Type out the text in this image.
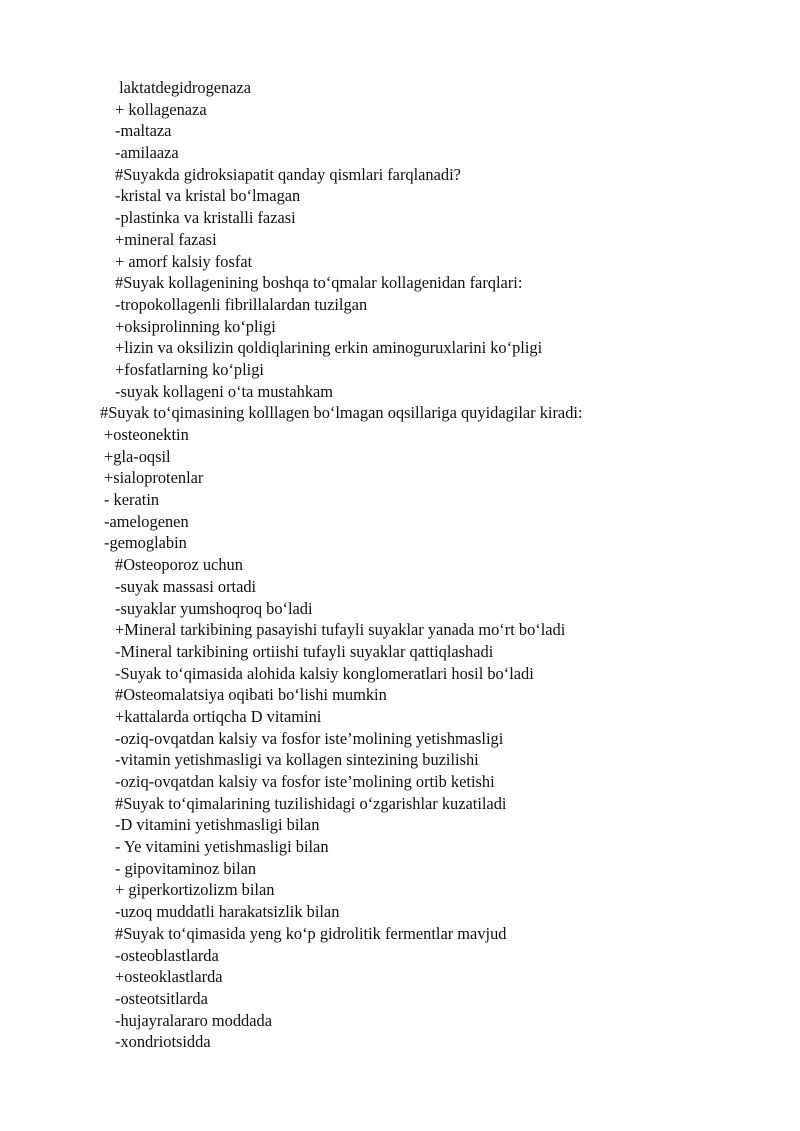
laktatdegidrogenaza
+ kollagenaza
-maltaza
-amilaaza
#Suyakda gidroksiapatit qanday qismlari farqlanadi?
-kristal va kristal bo‘lmagan
-plastinka va kristalli fazasi
+mineral fazasi
+ amorf kalsiy fosfat
#Suyak kollagenining boshqa to‘qmalar kollagenidan farqlari:
-tropokollagenli fibrillalardan tuzilgan
+oksiprolinning ko‘pligi
+lizin va oksilizin qoldiqlarining erkin aminoguruxlarini ko‘pligi
+fosfatlarning ko‘pligi
-suyak kollageni o‘ta mustahkam
#Suyak to‘qimasining kolllagen bo‘lmagan oqsillariga quyidagilar kiradi:
+osteonektin
+gla-oqsil
+sialoprotenlar
- keratin
-amelogenen
-gemoglabin
#Osteoporoz uchun
-suyak massasi ortadi
-suyaklar yumshoqroq bo‘ladi
+Mineral tarkibining pasayishi tufayli suyaklar yanada mo‘rt bo‘ladi
-Mineral tarkibining ortiishi tufayli suyaklar qattiqlashadi
-Suyak to‘qimasida alohida kalsiy konglomeratlari hosil bo‘ladi
#Osteomalatsiya oqibati bo‘lishi mumkin
+kattalarda ortiqcha D vitamini
-oziq-ovqatdan kalsiy va fosfor iste’molining yetishmasligi
-vitamin yetishmasligi va kollagen sintezining buzilishi
-oziq-ovqatdan kalsiy va fosfor iste’molining ortib ketishi
#Suyak to‘qimalarining tuzilishidagi o‘zgarishlar kuzatiladi
-D vitamini yetishmasligi bilan
- Ye vitamini yetishmasligi bilan
- gipovitaminoz bilan
+ giperkortizolizm bilan
-uzoq muddatli harakatsizlik bilan
#Suyak to‘qimasida yeng ko‘p gidrolitik fermentlar mavjud
-osteoblastlarda
+osteoklastlarda
-osteotsitlarda
-hujayralararo moddada
-xondriotsidda
